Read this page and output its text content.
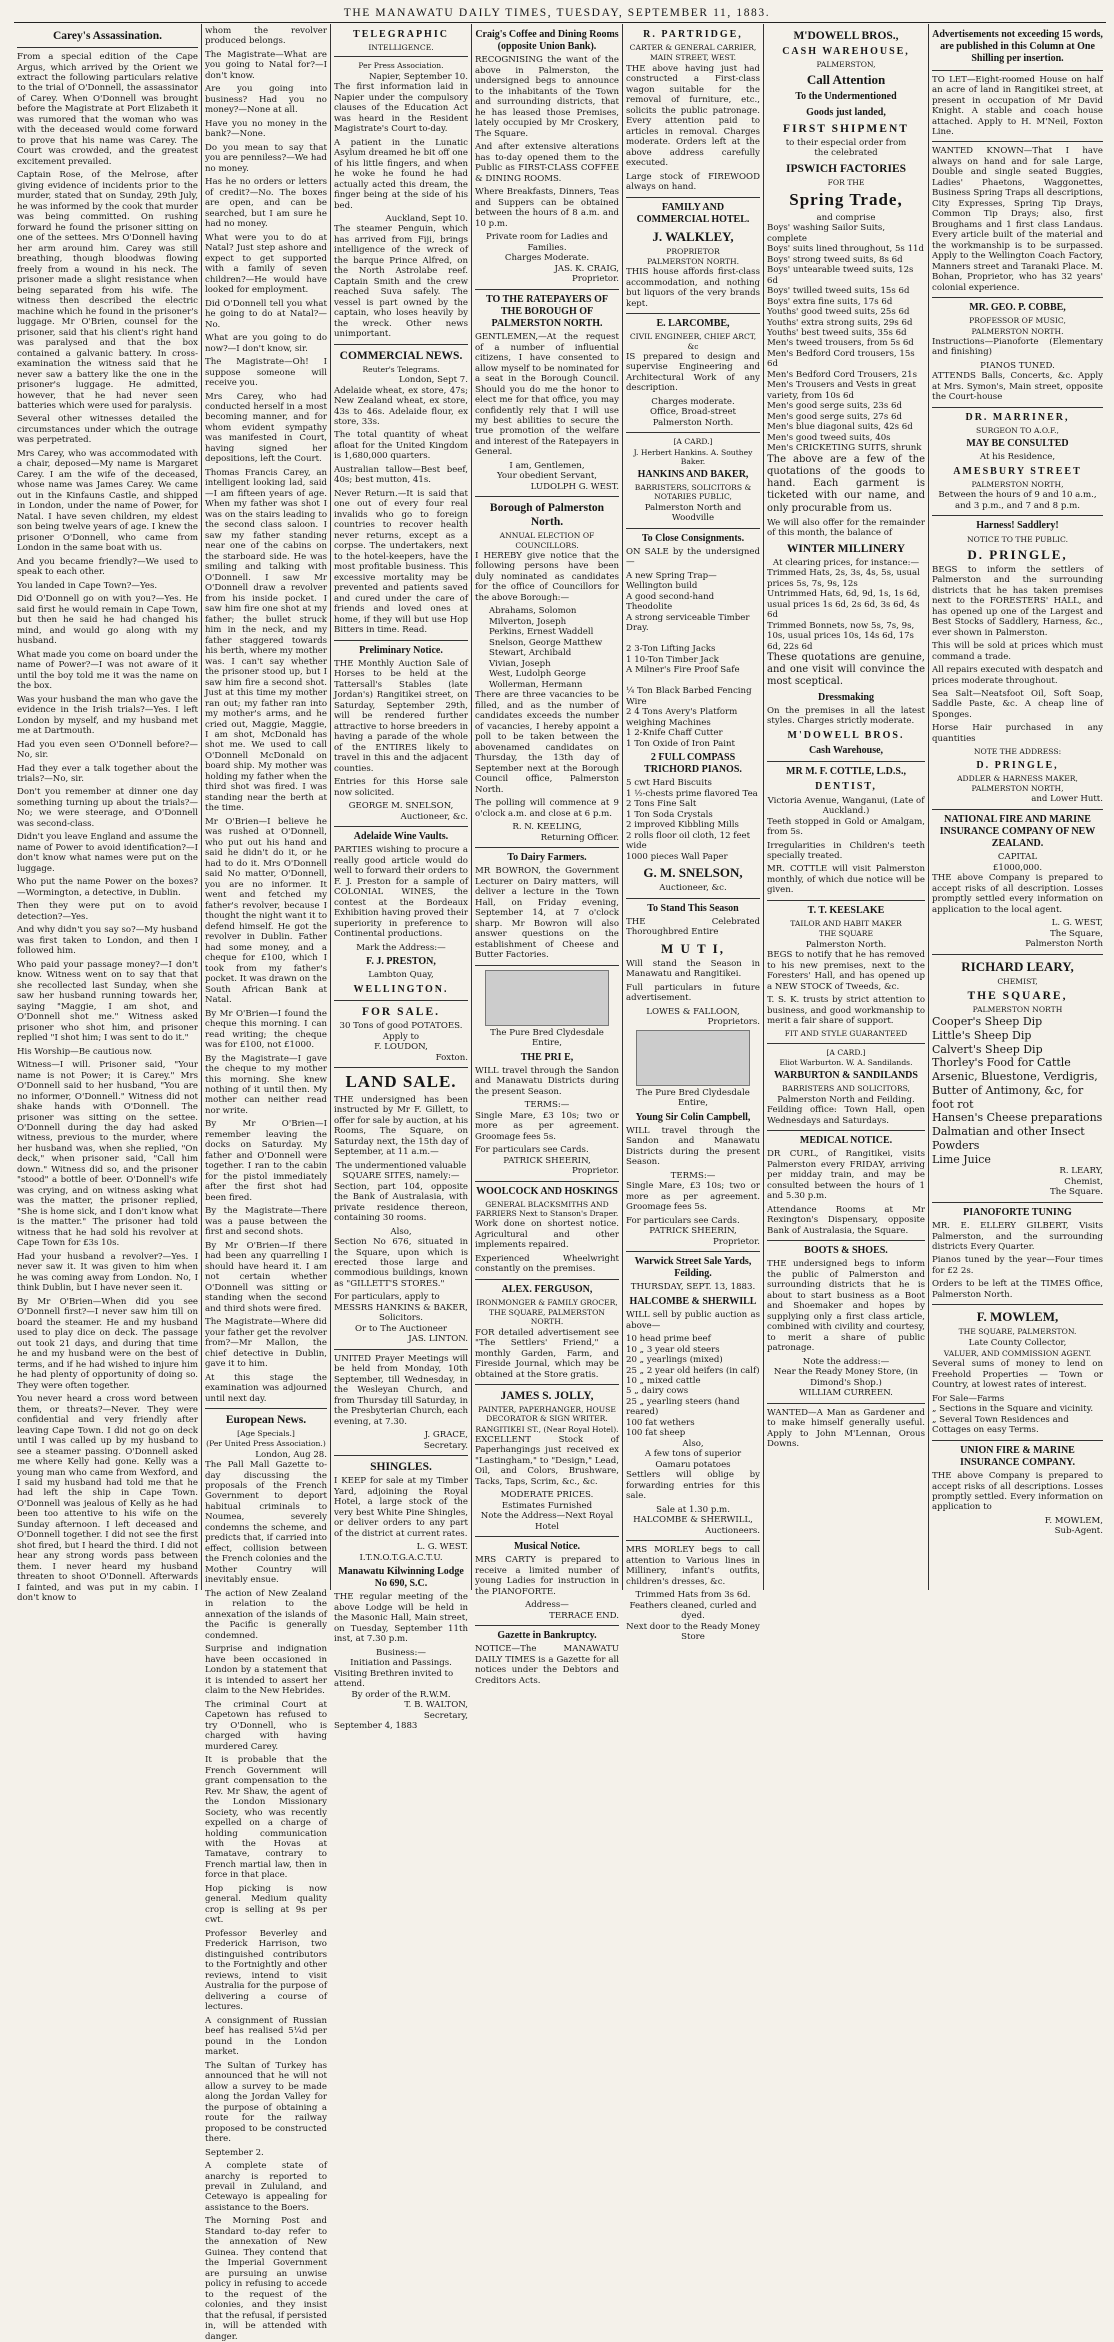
THE MANAWATU DAILY TIMES, TUESDAY, SEPTEMBER 11, 1883.
Carey's Assassination.

From a special edition of the Cape Argus, which arrived by the Orient we extract the following particulars relative to the trial of O'Donnell, the assassinator of Carey. When O'Donnell was brought before the Magistrate at Port Elizabeth it was rumored that the woman who was with the deceased would come forward to prove that his name was Carey. The Court was crowded, and the greatest excitement prevailed.

Captain Rose, of the Melrose, after giving evidence of incidents prior to the murder, stated that on Sunday, 29th July, he was informed by the cook that murder was being committed. On rushing forward he found the prisoner sitting on one of the settees. Mrs O'Donnell having her arm around him. Carey was still breathing, though bloodwas flowing freely from a wound in his neck. The prisoner made a slight resistance when being separated from his wife. The witness then described the electric machine which he found in the prisoner's luggage. Mr O'Brien, counsel for the prisoner, said that his client's right hand was paralysed and that the box contained a galvanic battery. In cross-examination the witness said that he never saw a battery like the one in the prisoner's luggage. He admitted, however, that he had never seen batteries which were used for paralysis.

Several other witnesses detailed the circumstances under which the outrage was perpetrated.

Mrs Carey, who was accommodated with a chair, deposed—My name is Margaret Carey. I am the wife of the deceased, whose name was James Carey. We came out in the Kinfauns Castle, and shipped in London, under the name of Power, for Natal. I have seven children, my eldest son being twelve years of age. I knew the prisoner O'Donnell, who came from London in the same boat with us.

And you became friendly?—We used to speak to each other.

You landed in Cape Town?—Yes.

Did O'Donnell go on with you?—Yes. He said first he would remain in Cape Town, but then he said he had changed his mind, and would go along with my husband.

What made you come on board under the name of Power?—I was not aware of it until the boy told me it was the name on the box.

Was your husband the man who gave the evidence in the Irish trials?—Yes. I left London by myself, and my husband met me at Dartmouth.

Had you even seen O'Donnell before?—No, sir.

Had they ever a talk together about the trials?—No, sir.

Don't you remember at dinner one day something turning up about the trials?—No; we were steerage, and O'Donnell was second-class.

Didn't you leave England and assume the name of Power to avoid identification?—I don't know what names were put on the luggage.

Who put the name Power on the boxes?—Wormington, a detective, in Dublin.

Then they were put on to avoid detection?—Yes.

And why didn't you say so?—My husband was first taken to London, and then I followed him.

Who paid your passage money?—I don't know. Witness went on to say that that she recollected last Sunday, when she saw her husband running towards her, saying "Maggie, I am shot, and O'Donnell shot me." Witness asked prisoner who shot him, and prisoner replied "I shot him; I was sent to do it."

His Worship—Be cautious now.

Witness—I will. Prisoner said, "Your name is not Power; it is Carey." Mrs O'Donnell said to her husband, "You are no informer, O'Donnell." Witness did not shake hands with O'Donnell. The prisoner was sitting on the settee. O'Donnell during the day had asked witness, previous to the murder, where her husband was, when she replied, "On deck," when prisoner said, "Call him down." Witness did so, and the prisoner "stood" a bottle of beer. O'Donnell's wife was crying, and on witness asking what was the matter, the prisoner replied, "She is home sick, and I don't know what is the matter." The prisoner had told witness that he had sold his revolver at Cape Town for £3s 10s.

Had your husband a revolver?—Yes. I never saw it. It was given to him when he was coming away from London. No, I think Dublin, but I have never seen it.

By Mr O'Brien—When did you see O'Donnell first?—I never saw him till on board the steamer. He and my husband used to play dice on deck. The passage out took 21 days, and during that time he and my husband were on the best of terms, and if he had wished to injure him he had plenty of opportunity of doing so. They were often together.

You never heard a cross word between them, or threats?—Never. They were confidential and very friendly after leaving Cape Town. I did not go on deck until I was called up by my husband to see a steamer passing. O'Donnell asked me where Kelly had gone. Kelly was a young man who came from Wexford, and I said my husband had told me that he had left the ship in Cape Town. O'Donnell was jealous of Kelly as he had been too attentive to his wife on the Sunday afternoon. I left deceased and O'Donnell together. I did not see the first shot fired, but I heard the third. I did not hear any strong words pass between them. I never heard my husband threaten to shoot O'Donnell. Afterwards I fainted, and was put in my cabin. I don't know to

whom the revolver produced belongs.

The Magistrate—What are you going to Natal for?—I don't know.

Are you going into business? Had you no money?—None at all.

Have you no money in the bank?—None.

Do you mean to say that you are penniless?—We had no money.

Has he no orders or letters of credit?—No. The boxes are open, and can be searched, but I am sure he had no money.

What were you to do at Natal? Just step ashore and expect to get supported with a family of seven children?—He would have looked for employment.

Did O'Donnell tell you what he going to do at Natal?—No.

What are you going to do now?—I don't know, sir.

The Magistrate—Oh! I suppose someone will receive you.

Mrs Carey, who had conducted herself in a most becoming manner, and for whom evident sympathy was manifested in Court, having signed her depositions, left the Court.

Thomas Francis Carey, an intelligent looking lad, said—I am fifteen years of age. When my father was shot I was on the stairs leading to the second class saloon. I saw my father standing near one of the cabins on the starboard side. He was smiling and talking with O'Donnell. I saw Mr O'Donnell draw a revolver from his inside pocket. I saw him fire one shot at my father; the bullet struck him in the neck, and my father staggered towards his berth, where my mother was. I can't say whether the prisoner stood up, but I saw him fire a second shot. Just at this time my mother ran out; my father ran into my mother's arms, and he cried out, Maggie, Maggie, I am shot, McDonald has shot me. We used to call O'Donnell McDonald on board ship. My mother was holding my father when the third shot was fired. I was standing near the berth at the time.

Mr O'Brien—I believe he was rushed at O'Donnell, who put out his hand and said he didn't do it, or he had to do it. Mrs O'Donnell said No matter, O'Donnell, you are no informer. It went and fetched my father's revolver, because I thought the night want it to defend himself. He got the revolver in Dublin. Father had some money, and a cheque for £100, which I took from my father's pocket. It was drawn on the South African Bank at Natal.

By Mr O'Brien—I found the cheque this morning. I can read writing; the cheque was for £100, not £1000.

By the Magistrate—I gave the cheque to my mother this morning. She knew nothing of it until then. My mother can neither read nor write.

By Mr O'Brien—I remember leaving the docks on Saturday. My father and O'Donnell were together. I ran to the cabin for the pistol immediately after the first shot had been fired.

By the Magistrate—There was a pause between the first and second shots.

By Mr O'Brien—If there had been any quarrelling I should have heard it. I am not certain whether O'Donnell was sitting or standing when the second and third shots were fired.

The Magistrate—Where did your father get the revolver from?—Mr Mallon, the chief detective in Dublin, gave it to him.

At this stage the examination was adjourned until next day.

European News.
[Age Specials.]
(Per United Press Association.)
London, Aug 28.

The Pall Mall Gazette to-day discussing the proposals of the French Government to deport habitual criminals to Noumea, severely condemns the scheme, and predicts that, if carried into effect, collision between the French colonies and the Mother Country will inevitably ensue.

The action of New Zealand in relation to the annexation of the islands of the Pacific is generally condemned.

Surprise and indignation have been occasioned in London by a statement that it is intended to assert her claim to the New Hebrides.

The criminal Court at Capetown has refused to try O'Donnell, who is charged with having murdered Carey.

It is probable that the French Government will grant compensation to the Rev. Mr Shaw, the agent of the London Missionary Society, who was recently expelled on a charge of holding communication with the Hovas at Tamatave, contrary to French martial law, then in force in that place.

Hop picking is now general. Medium quality crop is selling at 9s per cwt.

Professor Beverley and Frederick Harrison, two distinguished contributors to the Fortnightly and other reviews, intend to visit Australia for the purpose of delivering a course of lectures.

A consignment of Russian beef has realised 5¼d per pound in the London market.

The Sultan of Turkey has announced that he will not allow a survey to be made along the Jordan Valley for the purpose of obtaining a route for the railway proposed to be constructed there.

September 2.

A complete state of anarchy is reported to prevail in Zululand, and Cetewayo is appealing for assistance to the Boers.

The Morning Post and Standard to-day refer to the annexation of New Guinea. They contend that the Imperial Government are pursuing an unwise policy in refusing to accede to the request of the colonies, and they insist that the refusal, if persisted in, will be attended with danger.

TELEGRAPHIC
INTELLIGENCE.
Per Press Association.
Napier, September 10.

The first information laid in Napier under the compulsory clauses of the Education Act was heard in the Resident Magistrate's Court to-day.

A patient in the Lunatic Asylum dreamed he bit off one of his little fingers, and when he woke he found he had actually acted this dream, the finger being at the side of his bed.

Auckland, Sept 10.

The steamer Penguin, which has arrived from Fiji, brings intelligence of the wreck of the barque Prince Alfred, on the North Astrolabe reef. Captain Smith and the crew reached Suva safely. The vessel is part owned by the captain, who loses heavily by the wreck. Other news unimportant.

COMMERCIAL NEWS.
Reuter's Telegrams.
London, Sept 7.

Adelaide wheat, ex store, 47s; New Zealand wheat, ex store, 43s to 46s. Adelaide flour, ex store, 33s.

The total quantity of wheat afloat for the United Kingdom is 1,680,000 quarters.

Australian tallow—Best beef, 40s; best mutton, 41s.

Never Return.—It is said that one out of every four real invalids who go to foreign countries to recover health never returns, except as a corpse. The undertakers, next to the hotel-keepers, have the most profitable business. This excessive mortality may be prevented and patients saved and cured under the care of friends and loved ones at home, if they will but use Hop Bitters in time. Read.

Preliminary Notice.

THE Monthly Auction Sale of Horses to be held at the Tattersall's Stables (late Jordan's) Rangitikei street, on Saturday, September 29th, will be rendered further attractive to horse breeders in having a parade of the whole of the ENTIRES likely to travel in this and the adjacent counties.

Entries for this Horse sale now solicited.

GEORGE M. SNELSON,
Auctioneer, &c.
Adelaide Wine Vaults.

PARTIES wishing to procure a really good article would do well to forward their orders to F. J. Preston for a sample of COLONIAL WINES, the contest at the Bordeaux Exhibition having proved their superiority in preference to Continental productions.

Mark the Address:—
F. J. PRESTON,
Lambton Quay,
WELLINGTON.
FOR SALE.
30 Tons of good POTATOES.
Apply to
F. LOUDON,
Foxton.
LAND SALE.

THE undersigned has been instructed by Mr F. Gillett, to offer for sale by auction, at his Rooms, The Square, on Saturday next, the 15th day of September, at 11 a.m.—

The undermentioned valuable SQUARE SITES, namely:—

Section, part 104, opposite the Bank of Australasia, with private residence thereon, containing 30 rooms.

Also,

Section No 676, situated in the Square, upon which is erected those large and commodious buildings, known as "GILLETT'S STORES."

For particulars, apply to
MESSRS HANKINS & BAKER, Solicitors.
Or to The Auctioneer
JAS. LINTON.

UNITED Prayer Meetings will be held from Monday, 10th September, till Wednesday, in the Wesleyan Church, and from Thursday till Saturday, in the Presbyterian Church, each evening, at 7.30.

J. GRACE,
Secretary.
SHINGLES.

I KEEP for sale at my Timber Yard, adjoining the Royal Hotel, a large stock of the very best White Pine Shingles, or deliver orders to any part of the district at current rates.

L. G. WEST.
I.T.N.O.T.G.A.C.T.U.
Manawatu Kilwinning Lodge No 690, S.C.

THE regular meeting of the above Lodge will be held in the Masonic Hall, Main street, on Tuesday, September 11th inst, at 7.30 p.m.

Business:—
Initiation and Passings.
Visiting Brethren invited to attend.
By order of the R.W.M.
T. B. WALTON,
Secretary,
September 4, 1883
Craig's Coffee and Dining Rooms (opposite Union Bank).

RECOGNISING the want of the above in Palmerston, the undersigned begs to announce to the inhabitants of the Town and surrounding districts, that he has leased those Premises, lately occupied by Mr Croskery, The Square.

And after extensive alterations has to-day opened them to the Public as FIRST-CLASS COFFEE & DINING ROOMS.

Where Breakfasts, Dinners, Teas and Suppers can be obtained between the hours of 8 a.m. and 10 p.m.

Private room for Ladies and Families.
Charges Moderate.
JAS. K. CRAIG,
Proprietor.
TO THE RATEPAYERS OF THE BOROUGH OF PALMERSTON NORTH.

GENTLEMEN,—At the request of a number of influential citizens, I have consented to allow myself to be nominated for a seat in the Borough Council. Should you do me the honor to elect me for that office, you may confidently rely that I will use my best abilities to secure the true promotion of the welfare and interest of the Ratepayers in General.

I am, Gentlemen,
Your obedient Servant,
LUDOLPH G. WEST.
Borough of Palmerston North.
ANNUAL ELECTION OF COUNCILLORS.

I HEREBY give notice that the following persons have been duly nominated as candidates for the office of Councillors for the above Borough:—

Abrahams, Solomon
Milverton, Joseph
Perkins, Ernest Waddell
Snelson, George Matthew
Stewart, Archibald
Vivian, Joseph
West, Ludolph George
Wollerman, Hermann

There are three vacancies to be filled, and as the number of candidates exceeds the number of vacancies, I hereby appoint a poll to be taken between the abovenamed candidates on Thursday, the 13th day of September next at the Borough Council office, Palmerston North.

The polling will commence at 9 o'clock a.m. and close at 6 p.m.

R. N. KEELING,
Returning Officer.
To Dairy Farmers.

MR BOWRON, the Government Lecturer on Dairy matters, will deliver a lecture in the Town Hall, on Friday evening, September 14, at 7 o'clock sharp. Mr Bowron will also answer questions on the establishment of Cheese and Butter Factories.

The Pure Bred Clydesdale Entire,
THE PRI E,

WILL travel through the Sandon and Manawatu Districts during the present Season.

TERMS:—

Single Mare, £3 10s; two or more as per agreement. Groomage fees 5s.

For particulars see Cards.
PATRICK SHEERIN,
Proprietor.
WOOLCOCK AND HOSKINGS
GENERAL BLACKSMITHS AND FARRIERS Next to Stanson's Draper.

Work done on shortest notice. Agricultural and other implements repaired.

Experienced Wheelwright constantly on the premises.

ALEX. FERGUSON,
IRONMONGER & FAMILY GROCER,
THE SQUARE, PALMERSTON NORTH.

FOR detailed advertisement see "The Settlers' Friend," a monthly Garden, Farm, and Fireside Journal, which may be obtained at the Store gratis.

JAMES S. JOLLY,
PAINTER, PAPERHANGER, HOUSE DECORATOR & SIGN WRITER.
RANGITIKEI ST., (Near Royal Hotel).

EXCELLENT Stock of Paperhangings just received ex "Lastingham," to "Design," Lead, Oil, and Colors, Brushware, Tacks, Taps, Scrim, &c., &c.

MODERATE PRICES.
Estimates Furnished
Note the Address—Next Royal Hotel
Musical Notice.

MRS CARTY is prepared to receive a limited number of young Ladies for instruction in the PIANOFORTE.

Address—
TERRACE END.
Gazette in Bankruptcy.

NOTICE—The MANAWATU DAILY TIMES is a Gazette for all notices under the Debtors and Creditors Acts.

R. PARTRIDGE,
CARTER & GENERAL CARRIER,
MAIN STREET, WEST.

THE above having just had constructed a First-class wagon suitable for the removal of furniture, etc., solicits the public patronage. Every attention paid to articles in removal. Charges moderate. Orders left at the above address carefully executed.

Large stock of FIREWOOD always on hand.

FAMILY AND COMMERCIAL HOTEL.
J. WALKLEY,
PROPRIETOR
PALMERSTON NORTH.

THIS house affords first-class accommodation, and nothing but liquors of the very brands kept.

E. LARCOMBE,
CIVIL ENGINEER, CHIEF ARCT, &c

IS prepared to design and supervise Engineering and Architectural Work of any description.

Charges moderate.
Office, Broad-street
Palmerston North.
[A CARD.]
J. Herbert Hankins. A. Southey Baker.
HANKINS AND BAKER,
BARRISTERS, SOLICITORS & NOTARIES PUBLIC,
Palmerston North and Woodville
To Close Consignments.

ON SALE by the undersigned—

A new Spring Trap—Wellington build
A good second-hand Theodolite
A strong serviceable Timber Dray.

2 3-Ton Lifting Jacks
1 10-Ton Timber Jack
A Milner's Fire Proof Safe

¼ Ton Black Barbed Fencing Wire
2 4 Tons Avery's Platform weighing Machines
1 2-Knife Chaff Cutter
1 Ton Oxide of Iron Paint
2 FULL COMPASS TRICHORD PIANOS.
5 cwt Hard Biscuits
1 ½-chests prime flavored Tea
2 Tons Fine Salt
1 Ton Soda Crystals
2 improved Kibbling Mills
2 rolls floor oil cloth, 12 feet wide
1000 pieces Wall Paper
G. M. SNELSON,
Auctioneer, &c.
To Stand This Season

THE Celebrated Thoroughbred Entire

M U T I,

Will stand the Season in Manawatu and Rangitikei.

Full particulars in future advertisement.

LOWES & FALLOON,
Proprietors.
The Pure Bred Clydesdale Entire,
Young Sir Colin Campbell,

WILL travel through the Sandon and Manawatu Districts during the present Season.

TERMS:—

Single Mare, £3 10s; two or more as per agreement. Groomage fees 5s.

For particulars see Cards.
PATRICK SHEERIN,
Proprietor.
Warwick Street Sale Yards, Feilding.
THURSDAY, SEPT. 13, 1883.
HALCOMBE & SHERWILL

WILL sell by public auction as above—

10 head prime beef
10 „ 3 year old steers
20 „ yearlings (mixed)
25 „ 2 year old heifers (in calf)
10 „ mixed cattle
5 „ dairy cows
25 „ yearling steers (hand reared)
100 fat wethers
100 fat sheep
Also,
A few tons of superior Oamaru potatoes

Settlers will oblige by forwarding entries for this sale.

Sale at 1.30 p.m.
HALCOMBE & SHERWILL,
Auctioneers.

MRS MORLEY begs to call attention to Various lines in Millinery, infant's outfits, children's dresses, &c.

Trimmed Hats from 3s 6d.
Feathers cleaned, curled and dyed.
Next door to the Ready Money Store
M'DOWELL BROS.,
CASH WAREHOUSE,
PALMERSTON,
Call Attention
To the Undermentioned
Goods just landed,
FIRST SHIPMENT
to their especial order from
the celebrated
IPSWICH FACTORIES
FOR THE
Spring Trade,
and comprise
Boys' washing Sailor Suits, complete
Boys' suits lined throughout, 5s 11d
Boys' strong tweed suits, 8s 6d
Boys' untearable tweed suits, 12s 6d
Boys' twilled tweed suits, 15s 6d
Boys' extra fine suits, 17s 6d
Youths' good tweed suits, 25s 6d
Youths' extra strong suits, 29s 6d
Youths' best tweed suits, 35s 6d
Men's tweed trousers, from 5s 6d
Men's Bedford Cord trousers, 15s 6d
Men's Bedford Cord Trousers, 21s
Men's Trousers and Vests in great variety, from 10s 6d
Men's good serge suits, 23s 6d
Men's good serge suits, 27s 6d
Men's blue diagonal suits, 42s 6d
Men's good tweed suits, 40s
Men's CRICKETING SUITS, shrunk

The above are a few of the quotations of the goods to hand. Each garment is ticketed with our name, and only procurable from us.

We will also offer for the remainder of this month, the balance of

WINTER MILLINERY
At clearing prices, for instance:—
Trimmed Hats, 2s, 3s, 4s, 5s, usual prices 5s, 7s, 9s, 12s
Untrimmed Hats, 6d, 9d, 1s, 1s 6d, usual prices 1s 6d, 2s 6d, 3s 6d, 4s 6d
Trimmed Bonnets, now 5s, 7s, 9s, 10s, usual prices 10s, 14s 6d, 17s 6d, 22s 6d

These quotations are genuine, and one visit will convince the most sceptical.

Dressmaking

On the premises in all the latest styles. Charges strictly moderate.

M'DOWELL BROS.
Cash Warehouse,
MR M. F. COTTLE, L.D.S.,
DENTIST,
Victoria Avenue, Wanganui, (Late of Auckland.)

Teeth stopped in Gold or Amalgam, from 5s.

Irregularities in Children's teeth specially treated.

MR. COTTLE will visit Palmerston monthly, of which due notice will be given.

T. T. KEESLAKE
TAILOR AND HABIT MAKER
THE SQUARE
Palmerston North.

BEGS to notify that he has removed to his new premises, next to the Foresters' Hall, and has opened up a NEW STOCK of Tweeds, &c.

T. S. K. trusts by strict attention to business, and good workmanship to merit a fair share of support.

FIT AND STYLE GUARANTEED
[A CARD.]
Eliot Warburton. W. A. Sandilands.
WARBURTON & SANDILANDS
BARRISTERS AND SOLICITORS,
Palmerston North and Feilding.

Feilding office: Town Hall, open Wednesdays and Saturdays.

MEDICAL NOTICE.

DR CURL, of Rangitikei, visits Palmerston every FRIDAY, arriving per midday train, and may be consulted between the hours of 1 and 5.30 p.m.

Attendance Rooms at Mr Rexington's Dispensary, opposite Bank of Australasia, the Square.

BOOTS & SHOES.

THE undersigned begs to inform the public of Palmerston and surrounding districts that he is about to start business as a Boot and Shoemaker and hopes by supplying only a first class article, combined with civility and courtesy, to merit a share of public patronage.

Note the address:—
Near the Ready Money Store, (in Dimond's Shop.)
WILLIAM CURREEN.

WANTED—A Man as Gardener and to make himself generally useful. Apply to John M'Lennan, Orous Downs.

Advertisements not exceeding 15 words, are published in this Column at One Shilling per insertion.

TO LET—Eight-roomed House on half an acre of land in Rangitikei street, at present in occupation of Mr David Knight. A stable and coach house attached. Apply to H. M'Neil, Foxton Line.

WANTED KNOWN—That I have always on hand and for sale Large, Double and single seated Buggies, Ladies' Phaetons, Waggonettes, Business Spring Traps all descriptions, City Expresses, Spring Tip Drays, Common Tip Drays; also, first Broughams and 1 first class Landaus. Every article built of the material and the workmanship is to be surpassed. Apply to the Wellington Coach Factory, Manners street and Taranaki Place. M. Bohan, Proprietor, who has 32 years' colonial experience.

MR. GEO. P. COBBE,
PROFESSOR OF MUSIC,
PALMERSTON NORTH.

Instructions—Pianoforte (Elementary and finishing)

PIANOS TUNED.

ATTENDS Balls, Concerts, &c. Apply at Mrs. Symon's, Main street, opposite the Court-house

DR. MARRINER,
SURGEON TO A.O.F.,
MAY BE CONSULTED
At his Residence,
AMESBURY STREET
PALMERSTON NORTH,
Between the hours of 9 and 10 a.m., and 3 p.m., and 7 and 8 p.m.
Harness! Saddlery!
NOTICE TO THE PUBLIC.
D. PRINGLE,

BEGS to inform the settlers of Palmerston and the surrounding districts that he has taken premises next to the FORESTERS' HALL, and has opened up one of the Largest and Best Stocks of Saddlery, Harness, &c., ever shown in Palmerston.

This will be sold at prices which must command a trade.

All repairs executed with despatch and prices moderate throughout.

Sea Salt—Neatsfoot Oil, Soft Soap, Saddle Paste, &c. A cheap line of Sponges.

Horse Hair purchased in any quantities

NOTE THE ADDRESS:
D. PRINGLE,
ADDLER & HARNESS MAKER,
PALMERSTON NORTH,
and Lower Hutt.
NATIONAL FIRE AND MARINE INSURANCE COMPANY OF NEW ZEALAND.
CAPITAL
£1000,000.

THE above Company is prepared to accept risks of all description. Losses promptly settled every information on application to the local agent.

L. G. WEST,
The Square,
Palmerston North
RICHARD LEARY,
CHEMIST,
THE SQUARE,
PALMERSTON NORTH
Cooper's Sheep Dip
Little's Sheep Dip
Calvert's Sheep Dip
Thorley's Food for Cattle
Arsenic, Bluestone, Verdigris, Butter of Antimony, &c, for foot rot
Hansen's Cheese preparations
Dalmatian and other Insect Powders
Lime Juice
R. LEARY,
Chemist,
The Square.
PIANOFORTE TUNING

MR. E. ELLERY GILBERT, Visits Palmerston, and the surrounding districts Every Quarter.

Pianos tuned by the year—Four times for £2 2s.

Orders to be left at the TIMES Office, Palmerston North.

F. MOWLEM,
THE SQUARE, PALMERSTON.
Late County Collector,
VALUER, AND COMMISSION AGENT.

Several sums of money to lend on Freehold Properties — Town or Country, at lowest rates of interest.

For Sale—Farms
„ Sections in the Square and vicinity.
„ Several Town Residences and Cottages on easy Terms.
UNION FIRE & MARINE INSURANCE COMPANY.

THE above Company is prepared to accept risks of all descriptions. Losses promptly settled. Every information on application to

F. MOWLEM,
Sub-Agent.
